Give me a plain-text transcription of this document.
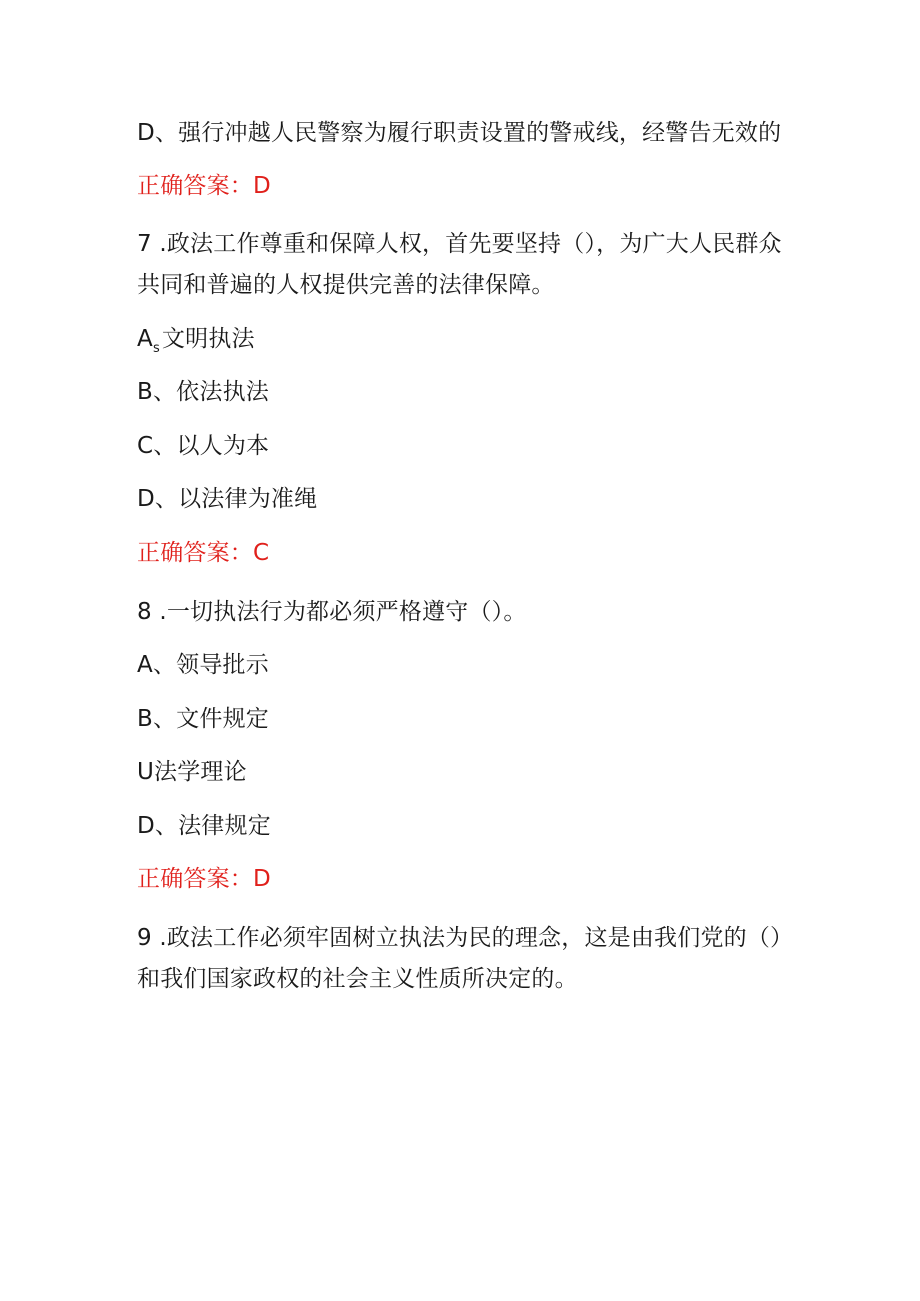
D、强行冲越人民警察为履行职责设置的警戒线，经警告无效的
正确答案：D
7 .政法工作尊重和保障人权，首先要坚持（），为广大人民群众
共同和普遍的人权提供完善的法律保障。
$A_s$文明执法
B、依法执法
C、以人为本
D、以法律为准绳
正确答案：C
8 .一切执法行为都必须严格遵守（）。
A、领导批示
B、文件规定
U法学理论
D、法律规定
正确答案：D
9 .政法工作必须牢固树立执法为民的理念，这是由我们党的（）
和我们国家政权的社会主义性质所决定的。
